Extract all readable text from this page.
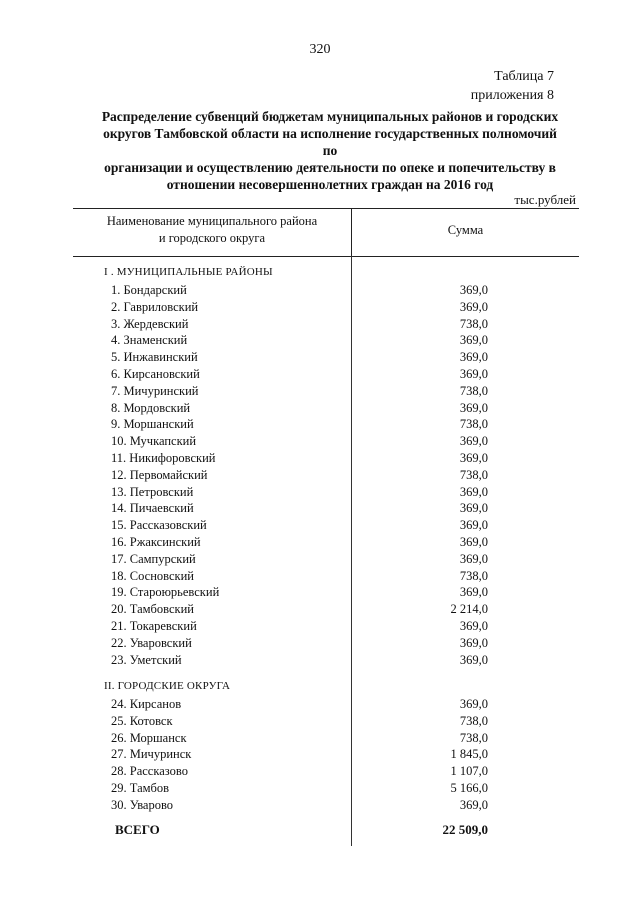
320
Таблица 7
приложения 8
Распределение субвенций бюджетам муниципальных районов и городских
округов Тамбовской области на исполнение государственных полномочий по
организации и осуществлению деятельности по опеке и попечительству в
отношении несовершеннолетних граждан на 2016 год
тыс.рублей
Наименование муниципального района
и городского округа
Сумма
I . МУНИЦИПАЛЬНЫЕ РАЙОНЫ
1. Бондарский	369,0
2. Гавриловский	369,0
3. Жердевский	738,0
4. Знаменский	369,0
5. Инжавинский	369,0
6. Кирсановский	369,0
7. Мичуринский	738,0
8. Мордовский	369,0
9. Моршанский	738,0
10. Мучкапский	369,0
11. Никифоровский	369,0
12. Первомайский	738,0
13. Петровский	369,0
14. Пичаевский	369,0
15. Рассказовский	369,0
16. Ржаксинский	369,0
17. Сампурский	369,0
18. Сосновский	738,0
19. Староюрьевский	369,0
20. Тамбовский	2 214,0
21. Токаревский	369,0
22. Уваровский	369,0
23. Уметский	369,0
II. ГОРОДСКИЕ ОКРУГА
24. Кирсанов	369,0
25. Котовск	738,0
26. Моршанск	738,0
27. Мичуринск	1 845,0
28. Рассказово	1 107,0
29. Тамбов	5 166,0
30. Уварово	369,0
ВСЕГО	22 509,0
